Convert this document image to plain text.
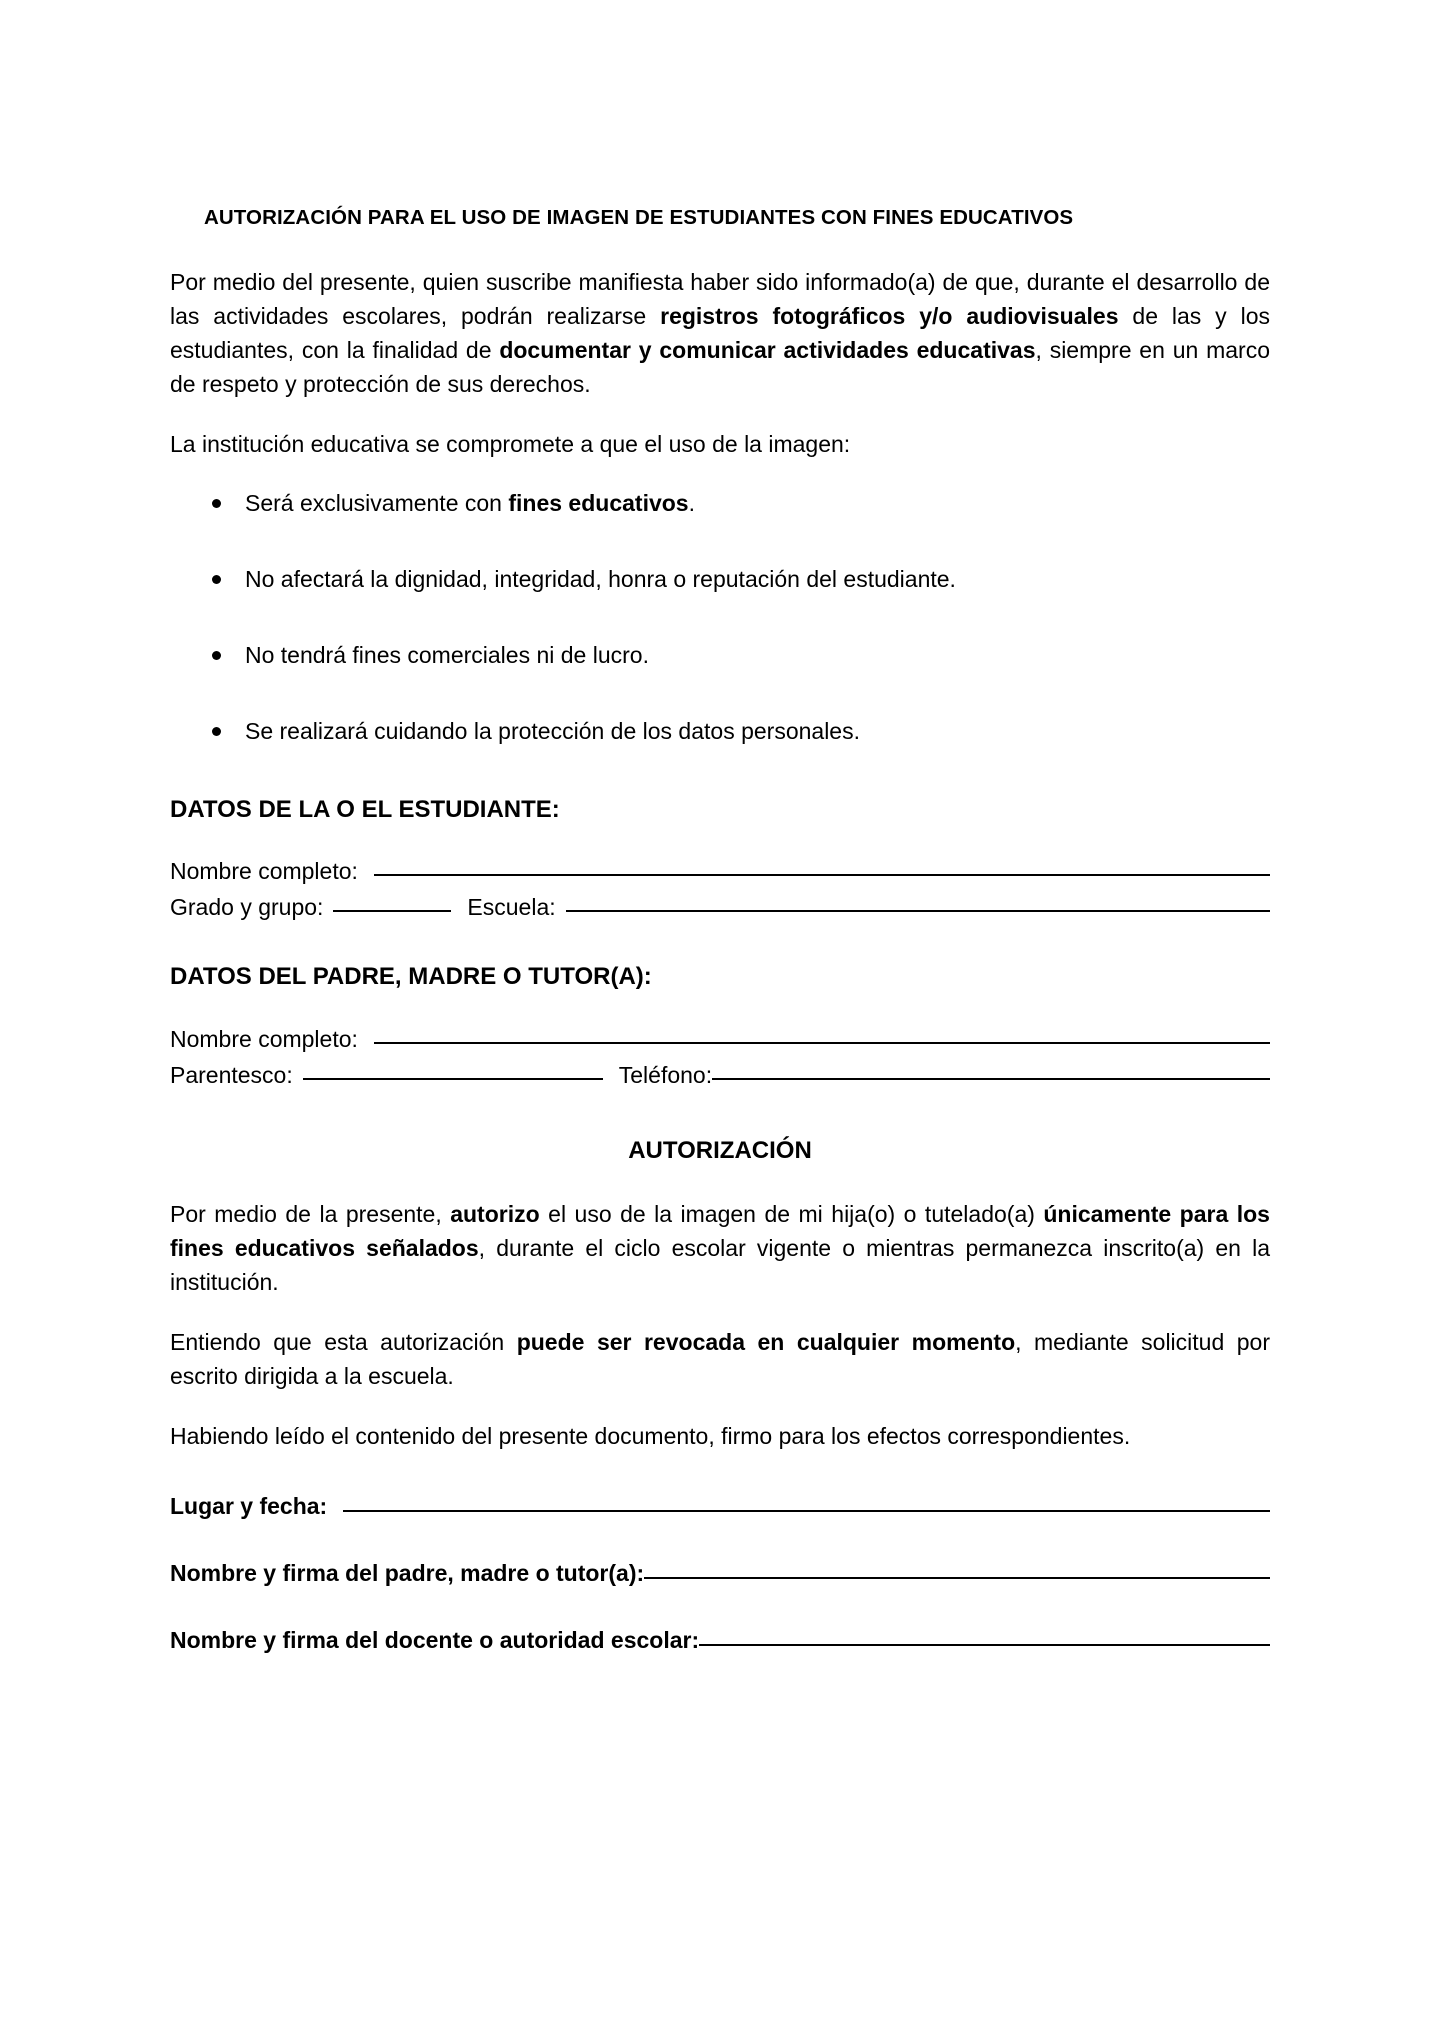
AUTORIZACIÓN PARA EL USO DE IMAGEN DE ESTUDIANTES CON FINES EDUCATIVOS

Por medio del presente, quien suscribe manifiesta haber sido informado(a) de que, durante el desarrollo de las actividades escolares, podrán realizarse registros fotográficos y/o audiovisuales de las y los estudiantes, con la finalidad de documentar y comunicar actividades educativas, siempre en un marco de respeto y protección de sus derechos.

La institución educativa se compromete a que el uso de la imagen:

Será exclusivamente con fines educativos.
No afectará la dignidad, integridad, honra o reputación del estudiante.
No tendrá fines comerciales ni de lucro.
Se realizará cuidando la protección de los datos personales.
DATOS DE LA O EL ESTUDIANTE:
Nombre completo:
Grado y grupo:	Escuela:
DATOS DEL PADRE, MADRE O TUTOR(A):
Nombre completo:
Parentesco:	Teléfono:
AUTORIZACIÓN

Por medio de la presente, autorizo el uso de la imagen de mi hija(o) o tutelado(a) únicamente para los fines educativos señalados, durante el ciclo escolar vigente o mientras permanezca inscrito(a) en la institución.

Entiendo que esta autorización puede ser revocada en cualquier momento, mediante solicitud por escrito dirigida a la escuela.

Habiendo leído el contenido del presente documento, firmo para los efectos correspondientes.

Lugar y fecha:
Nombre y firma del padre, madre o tutor(a):
Nombre y firma del docente o autoridad escolar:
